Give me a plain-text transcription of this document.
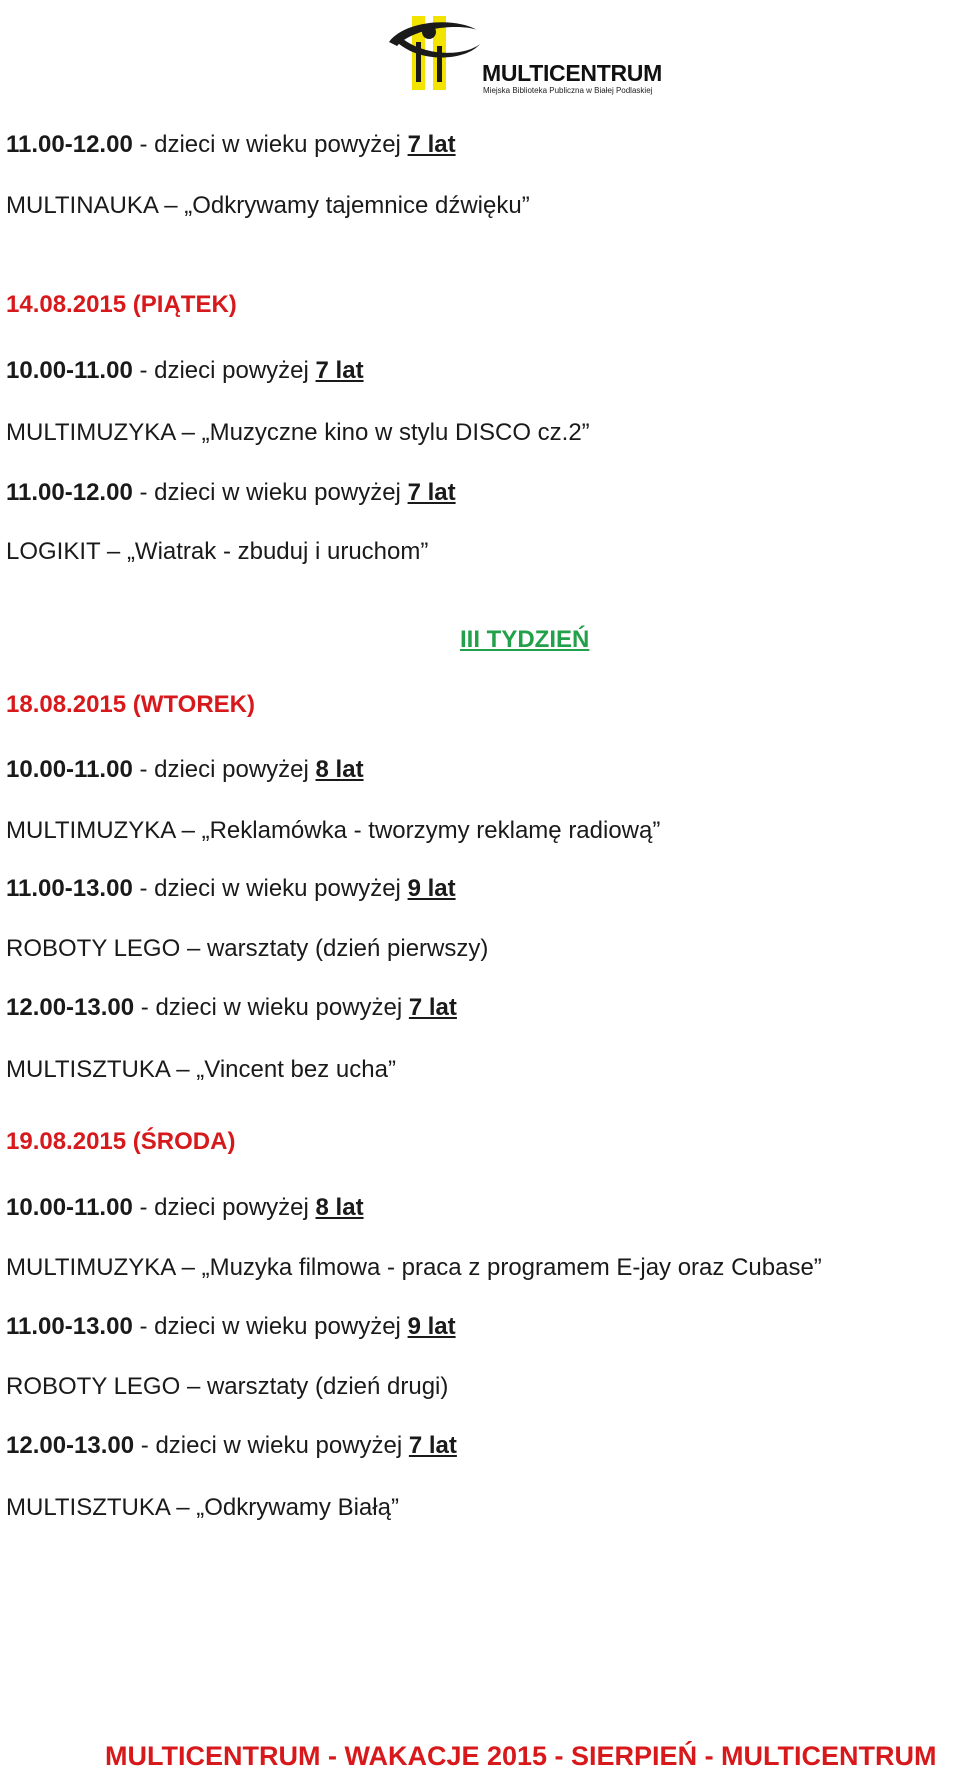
MULTICENTRUM
Miejska Biblioteka Publiczna w Białej Podlaskiej
11.00-12.00 - dzieci w wieku powyżej 7 lat
MULTINAUKA – „Odkrywamy tajemnice dźwięku”
14.08.2015 (PIĄTEK)
10.00-11.00 - dzieci powyżej 7 lat
MULTIMUZYKA – „Muzyczne kino w stylu DISCO cz.2”
11.00-12.00 - dzieci w wieku powyżej 7 lat
LOGIKIT – „Wiatrak - zbuduj i uruchom”
III TYDZIEŃ
18.08.2015 (WTOREK)
10.00-11.00 - dzieci powyżej 8 lat
MULTIMUZYKA – „Reklamówka - tworzymy reklamę radiową”
11.00-13.00 - dzieci w wieku powyżej 9 lat
ROBOTY LEGO – warsztaty (dzień pierwszy)
12.00-13.00 - dzieci w wieku powyżej 7 lat
MULTISZTUKA – „Vincent bez ucha”
19.08.2015 (ŚRODA)
10.00-11.00 - dzieci powyżej 8 lat
MULTIMUZYKA – „Muzyka filmowa - praca z programem E-jay oraz Cubase”
11.00-13.00 - dzieci w wieku powyżej 9 lat
ROBOTY LEGO – warsztaty (dzień drugi)
12.00-13.00 - dzieci w wieku powyżej 7 lat
MULTISZTUKA – „Odkrywamy Białą”
MULTICENTRUM - WAKACJE 2015 - SIERPIEŃ - MULTICENTRUM
